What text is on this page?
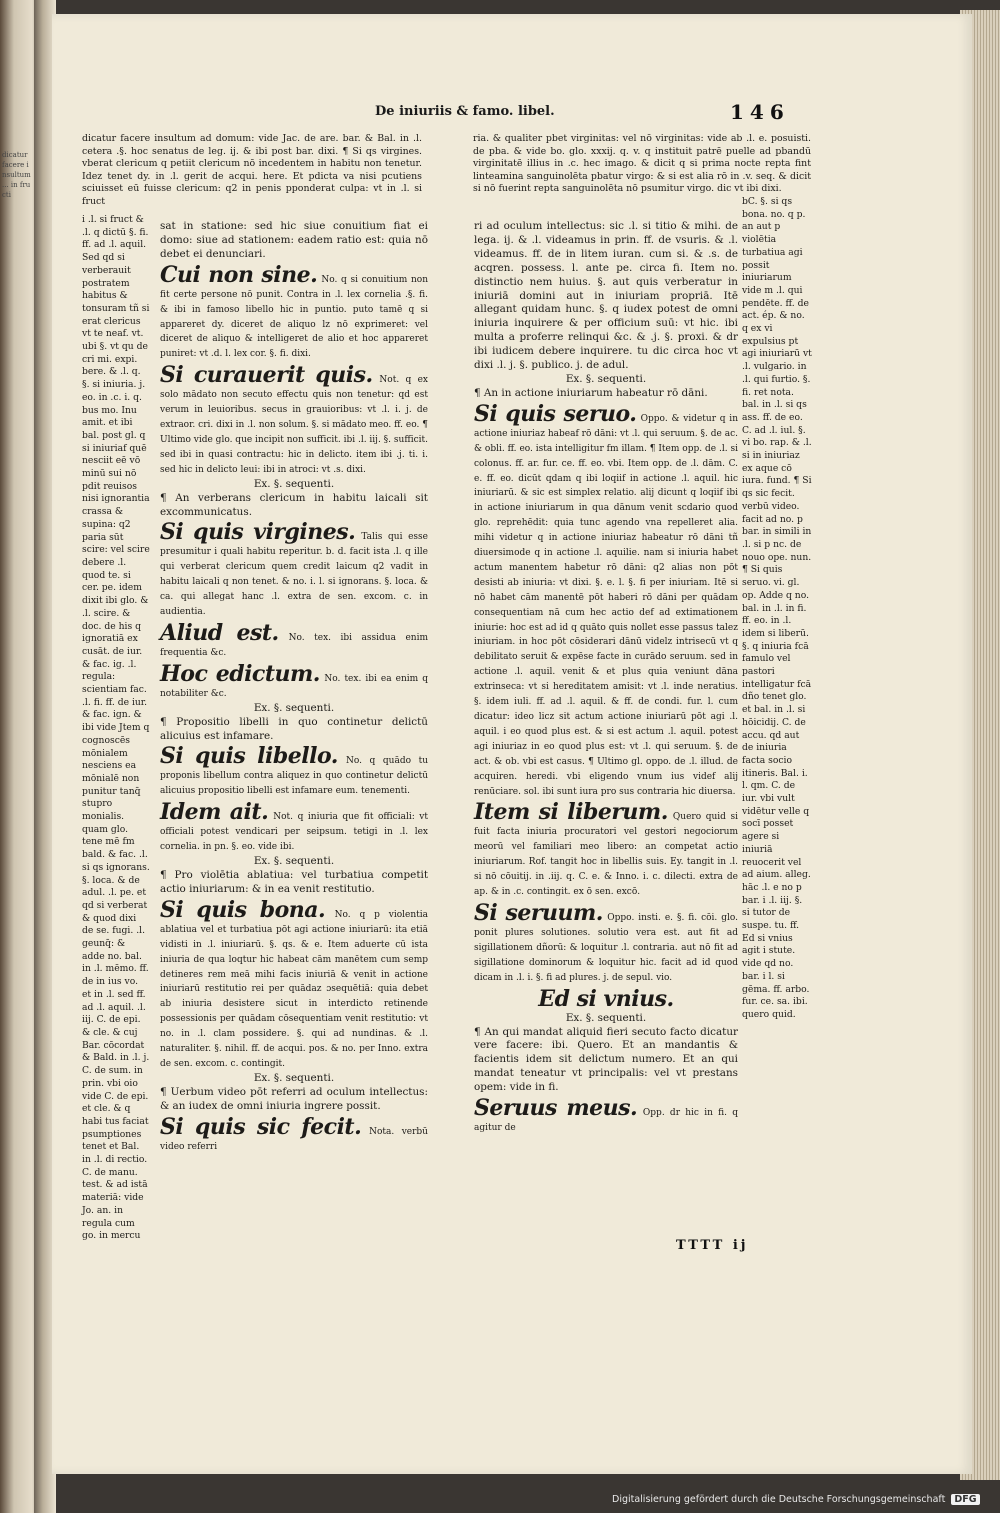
dicatur facere insultum ... in fructi
De iniuriis & famo. libel.	146

dicatur facere insultum ad domum: vide Jac. de are. bar. & Bal. in .l. cetera .§. hoc senatus de leg. ij. & ibi post bar. dixi. ¶ Si qs virgines. vberat clericum q petiit clericum nō incedentem in habitu non tenetur. Idez tenet dy. in .l. gerit de acqui. here. Et pdicta va nisi pcutiens sciuisset eū fuisse clericum: q2 in penis pponderat culpa: vt in .l. si fruct

ria. & qualiter pbet virginitas: vel nō virginitas: vide ab .l. e. posuisti. de pba. & vide bo. glo. xxxij. q. v. q instituit patrē puelle ad pbandū virginitatē illius in .c. hec imago. & dicit q si prima nocte repta fint linteamina sanguinolēta pbatur virgo: & si est alia rō in .v. seq. & dicit si nō fuerint repta sanguinolēta nō psumitur virgo. dic vt ibi dixi.

i .l. si fruct & .l. q dictū §. fi. ff. ad .l. aquil. Sed qd si verberauit postratem habitus & tonsuram tñ si erat clericus vt te neaf. vt. ubi §. vt qu de cri mi. expi. bere. & .l. q. §. si iniuria. j. eo. in .c. i. q. bus mo. Inu amit. et ibi bal. post gl. q si iniuriaf quē nesciit eē vō minū sui nō pdit reuisos nisi ignorantia crassa & supina: q2 paria sūt scire: vel scire debere .l. quod te. si cer. pe. idem dixit ibi glo. & .l. scire. & doc. de his q ignoratiā ex cusāt. de iur. & fac. ig. .l. regula: scientiam fac. .l. fi. ff. de iur. & fac. ign. & ibi vide Jtem q cognoscēs mōnialem nesciens ea mōnialē non punitur tanq̄ stupro monialis. quam glo. tene mē fm bald. & fac. .l. si qs ignorans. §. loca. & de adul. .l. pe. et qd si verberat & quod dixi de se. fugi. .l. geunq̄: & adde no. bal. in .l. mēmo. ff. de in ius vo. et in .l. sed ff. ad .l. aquil. .l. iij. C. de epi. & cle. & cuj Bar. cōcordat & Bald. in .l. j. C. de sum. in prin. vbi oio vide C. de epi. et cle. & q habi tus faciat psumptiones tenet et Bal. in .l. di rectio. C. de manu. test. & ad istā materiā: vide Jo. an. in regula cum go. in mercu

sat in statione: sed hic siue conuitium fiat ei domo: siue ad stationem: eadem ratio est: quia nō debet ei denunciari.

Cui non sine. No. q si conuitium non fit certe persone nō punit. Contra in .l. lex cornelia .§. fi. & ibi in famoso libello hic in puntio. puto tamē q si appareret dy. diceret de aliquo lz nō exprimeret: vel diceret de aliquo & intelligeret de alio et hoc appareret puniret: vt .d. l. lex cor. §. fi. dixi.

Si curauerit quis. Not. q ex solo mādato non secuto effectu quis non tenetur: qd est verum in leuioribus. secus in grauioribus: vt .l. i. j. de extraor. cri. dixi in .l. non solum. §. si mādato meo. ff. eo. ¶ Ultimo vide glo. que incipit non sufficit. ibi .l. iij. §. sufficit. sed ibi in quasi contractu: hic in delicto. item ibi .j. ti. i. sed hic in delicto leui: ibi in atroci: vt .s. dixi.

Ex. §. sequenti.

¶ An verberans clericum in habitu laicali sit excommunicatus.

Si quis virgines. Talis qui esse presumitur i quali habitu reperitur. b. d. facit ista .l. q ille qui verberat clericum quem credit laicum q2 vadit in habitu laicali q non tenet. & no. i. l. si ignorans. §. loca. & ca. qui allegat hanc .l. extra de sen. excom. c. in audientia.

Aliud est. No. tex. ibi assidua enim frequentia &c.

Hoc edictum. No. tex. ibi ea enim q notabiliter &c.

Ex. §. sequenti.

¶ Propositio libelli in quo continetur delictū alicuius est infamare.

Si quis libello. No. q quādo tu proponis libellum contra aliquez in quo continetur delictū alicuius propositio libelli est infamare eum. tenementi.

Idem ait. Not. q iniuria que fit officiali: vt officiali potest vendicari per seipsum. tetigi in .l. lex cornelia. in pn. §. eo. vide ibi.

Ex. §. sequenti.

¶ Pro violētia ablatiua: vel turbatiua competit actio iniuriarum: & in ea venit restitutio.

Si quis bona. No. q p violentia ablatiua vel et turbatiua pōt agi actione iniuriarū: ita etiā vidisti in .l. iniuriarū. §. qs. & e. Item aduerte cū ista iniuria de qua loqtur hic habeat cām manētem cum semp detineres rem meā mihi facis iniuriā & venit in actione iniuriarū restitutio rei per quādaz ɔsequētiā: quia debet ab iniuria desistere sicut in interdicto retinende possessionis per quādam cōsequentiam venit restitutio: vt no. in .l. clam possidere. §. qui ad nundinas. & .l. naturaliter. §. nihil. ff. de acqui. pos. & no. per Inno. extra de sen. excom. c. contingit.

Ex. §. sequenti.

¶ Uerbum video pōt referri ad oculum intellectus: & an iudex de omni iniuria ingrere possit.

Si quis sic fecit. Nota. verbū video referri

ri ad oculum intellectus: sic .l. si titio & mihi. de lega. ij. & .l. videamus in prin. ff. de vsuris. & .l. videamus. ff. de in litem iuran. cum si. & .s. de acqren. possess. l. ante pe. circa fi. Item no. distinctio nem huius. §. aut quis verberatur in iniuriā domini aut in iniuriam propriā. Itē allegant quidam hunc. §. q iudex potest de omni iniuria inquirere & per officium suū: vt hic. ibi multa a proferre relinqui &c. & .j. §. proxi. & dr ibi iudicem debere inquirere. tu dic circa hoc vt dixi .l. j. §. publico. j. de adul.

Ex. §. sequenti.

¶ An in actione iniuriarum habeatur rō dāni.

Si quis seruo. Oppo. & videtur q in actione iniuriaz habeaf rō dāni: vt .l. qui seruum. §. de ac. & obli. ff. eo. ista intelligitur fm illam. ¶ Item opp. de .l. si colonus. ff. ar. fur. ce. ff. eo. vbi. Item opp. de .l. dām. C. e. ff. eo. dicūt qdam q ibi loqiif in actione .l. aquil. hic iniuriarū. & sic est simplex relatio. alij dicunt q loqiif ibi in actione iniuriarum in qua dānum venit scdario quod glo. reprehēdit: quia tunc agendo vna repelleret alia. mihi videtur q in actione iniuriaz habeatur rō dāni tñ diuersimode q in actione .l. aquilie. nam si iniuria habet actum manentem habetur rō dāni: q2 alias non pōt desisti ab iniuria: vt dixi. §. e. l. §. fi per iniuriam. Itē si nō habet cām manentē pōt haberi rō dāni per quādam consequentiam nā cum hec actio def ad extimationem iniurie: hoc est ad id q quāto quis nollet esse passus talez iniuriam. in hoc pōt cōsiderari dānū videlz intrisecū vt q debilitato seruit & expēse facte in curādo seruum. sed in actione .l. aquil. venit & et plus quia veniunt dāna extrinseca: vt si hereditatem amisit: vt .l. inde neratius. §. idem iuli. ff. ad .l. aquil. & ff. de condi. fur. l. cum dicatur: ideo licz sit actum actione iniuriarū pōt agi .l. aquil. i eo quod plus est. & si est actum .l. aquil. potest agi iniuriaz in eo quod plus est: vt .l. qui seruum. §. de act. & ob. vbi est casus. ¶ Ultimo gl. oppo. de .l. illud. de acquiren. heredi. vbi eligendo vnum ius videf alij renūciare. sol. ibi sunt iura pro sus contraria hic diuersa.

Item si liberum. Quero quid si fuit facta iniuria procuratori vel gestori negociorum meorū vel familiari meo libero: an competat actio iniuriarum. Rof. tangit hoc in libellis suis. Ey. tangit in .l. si nō cōuitij. in .iij. q. C. e. & Inno. i. c. dilecti. extra de ap. & in .c. contingit. ex ō sen. excō.

Si seruum. Oppo. insti. e. §. fi. cōi. glo. ponit plures solutiones. solutio vera est. aut fit ad sigillationem dñorū: & loquitur .l. contraria. aut nō fit ad sigillatione dominorum & loquitur hic. facit ad id quod dicam in .l. i. §. fi ad plures. j. de sepul. vio.

Ed si vnius.

Ex. §. sequenti.

¶ An qui mandat aliquid fieri secuto facto dicatur vere facere: ibi. Quero. Et an mandantis & facientis idem sit delictum numero. Et an qui mandat teneatur vt principalis: vel vt prestans opem: vide in fi.

Seruus meus. Opp. dr hic in fi. q agitur de

bC. §. si qs bona. no. q p. an aut p violētia turbatiua agi possit iniuriarum vide m .l. qui pendēte. ff. de act. ép. & no. q ex vi expulsius pt agi iniuriarū vt .l. vulgario. in .l. qui furtio. §. fi. ret nota. bal. in .l. si qs ass. ff. de eo. C. ad .l. iul. §. vi bo. rap. & .l. si in iniuriaz ex aque cō iura. fund. ¶ Si qs sic fecit. verbū video. facit ad no. p bar. in simili in .l. si p nc. de nouo ope. nun. ¶ Si quis seruo. vi. gl. op. Adde q no. bal. in .l. in fi. ff. eo. in .l. idem si liberū. §. q iniuria fcā famulo vel pastori intelligatur fcā dño tenet glo. et bal. in .l. si hōicidij. C. de accu. qd aut de iniuria facta socio itineris. Bal. i. l. qm. C. de iur. vbi vult vidētur velle q socī posset agere si iniuriā reuocerit vel ad aium. alleg. hāc .l. e no p bar. i .l. iij. §. si tutor de suspe. tu. ff. Ed si vnius agit i stute. vide qd no. bar. i l. si gēma. ff. arbo. fur. ce. sa. ibi. quero quid.

TTTT ij
Digitalisierung gefördert durch die Deutsche Forschungsgemeinschaft DFG
